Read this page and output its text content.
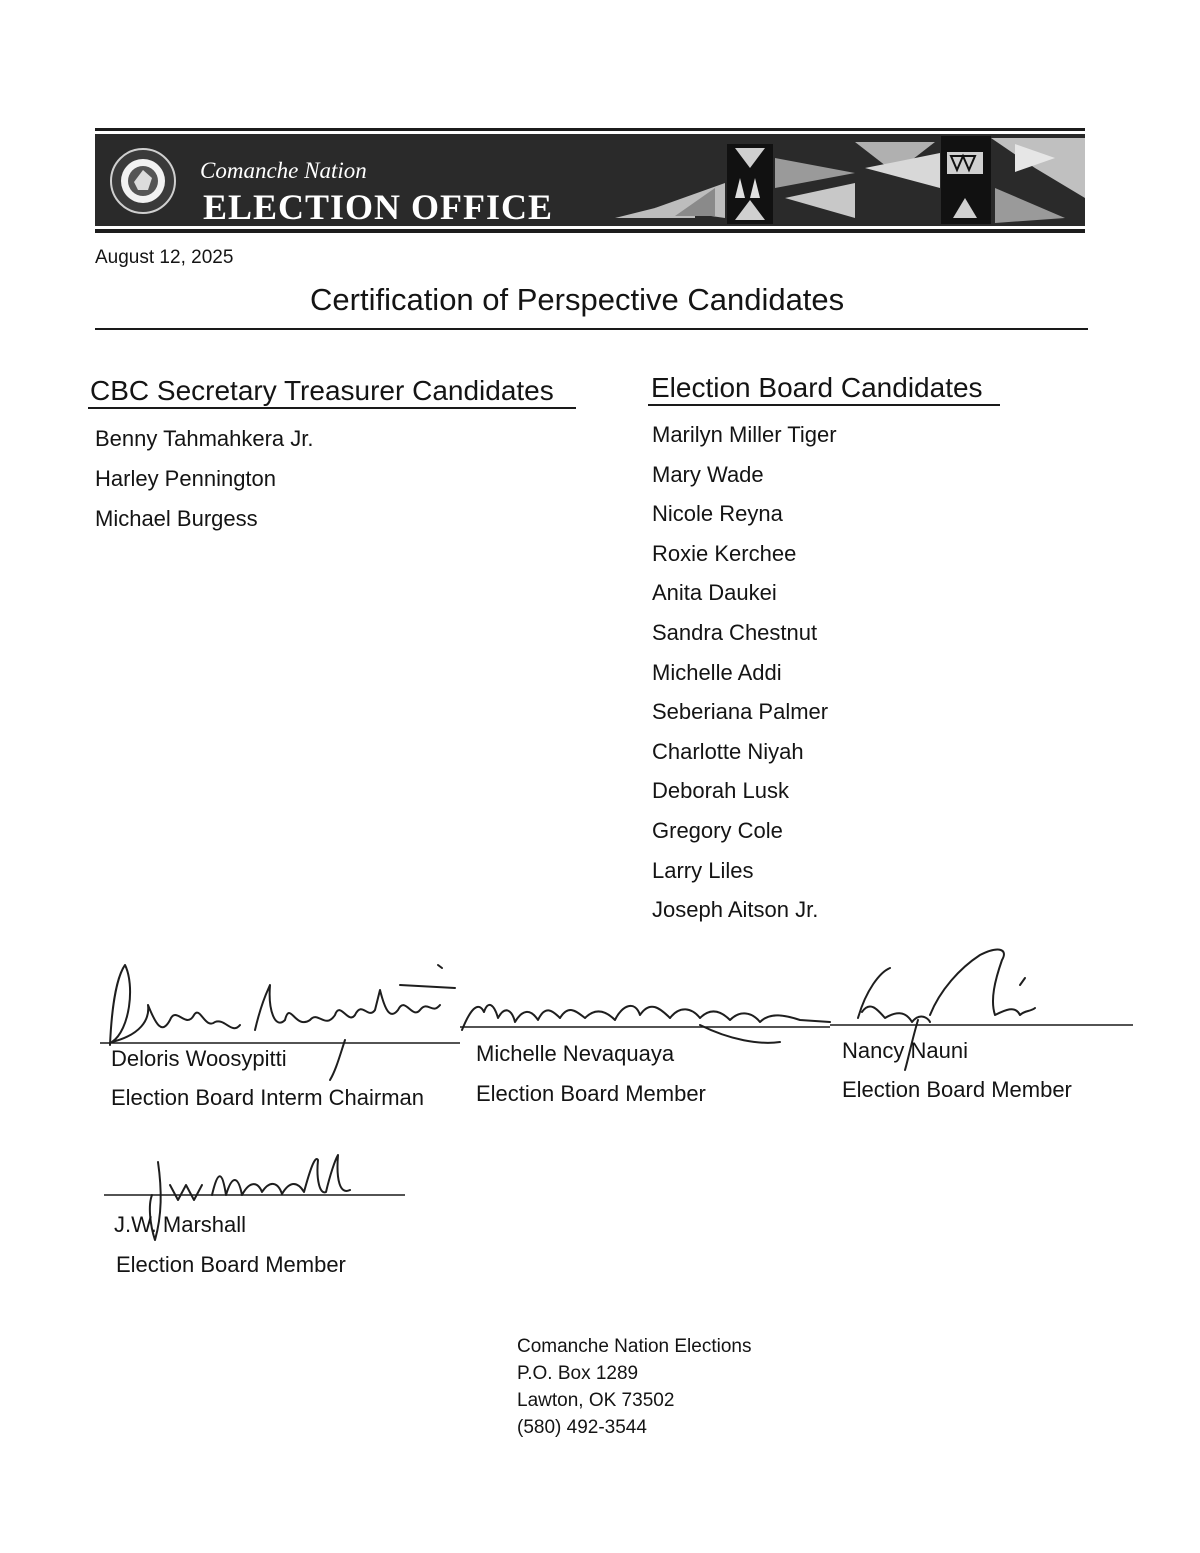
Comanche Nation
ELECTION OFFICE
August 12, 2025
Certification of Perspective Candidates
CBC Secretary Treasurer Candidates
Benny Tahmahkera Jr.
Harley Pennington
Michael Burgess
Election Board Candidates
Marilyn Miller Tiger
Mary Wade
Nicole Reyna
Roxie Kerchee
Anita Daukei
Sandra Chestnut
Michelle Addi
Seberiana Palmer
Charlotte Niyah
Deborah Lusk
Gregory Cole
Larry Liles
Joseph Aitson Jr.
Deloris Woosypitti
Election Board Interm Chairman
Michelle Nevaquaya
Election Board Member
Nancy Nauni
Election Board Member
J.W. Marshall
Election Board Member
Comanche Nation Elections
P.O. Box 1289
Lawton, OK 73502
(580) 492-3544
